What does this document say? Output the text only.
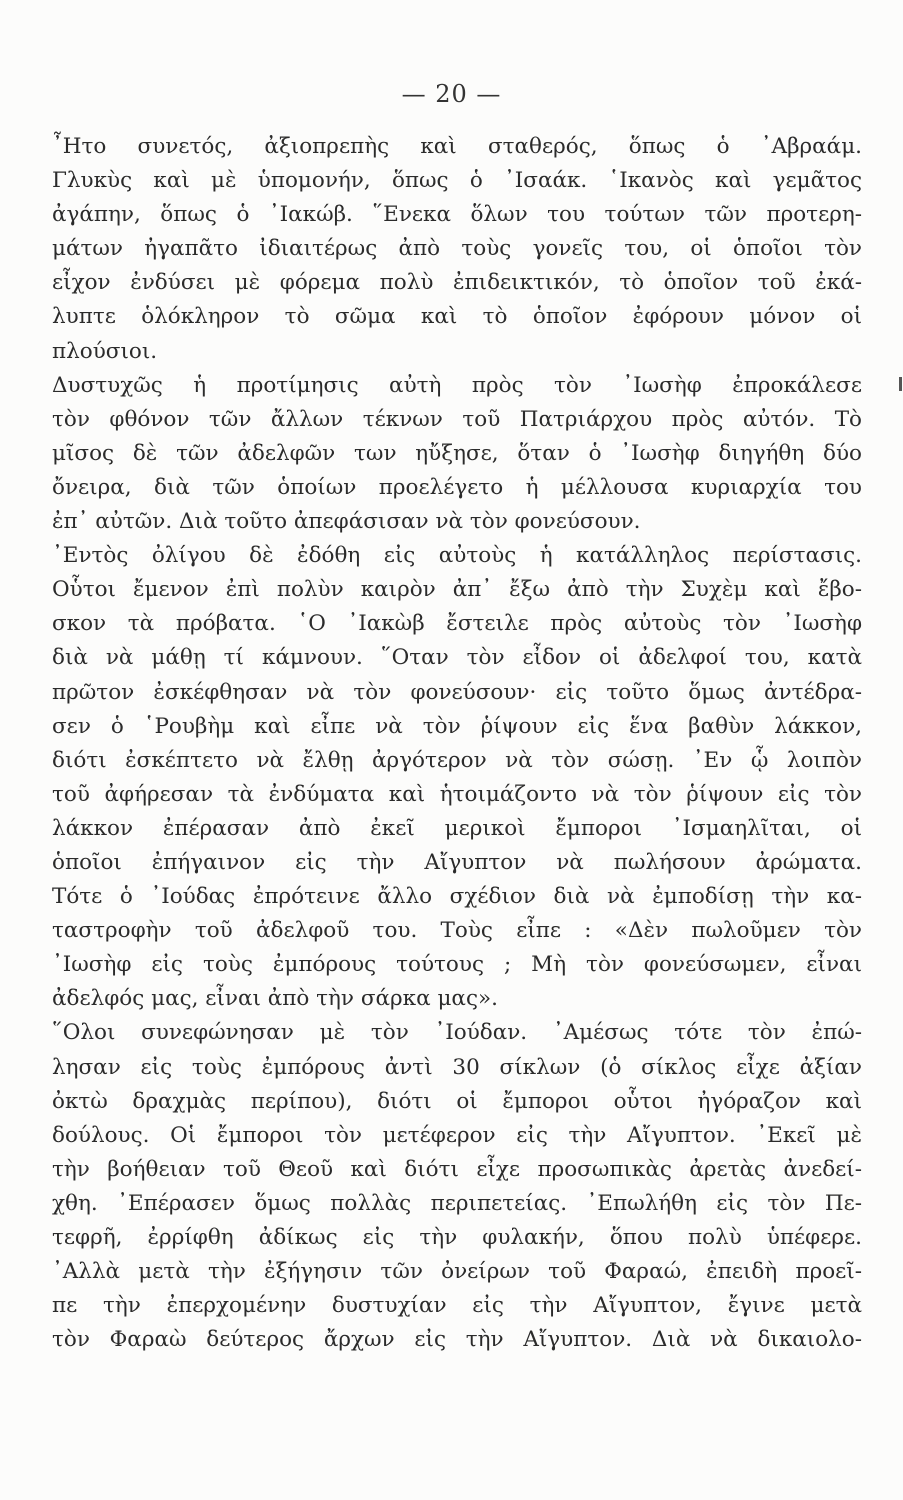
— 20 —
῏Ητο συνετός, ἀξιοπρεπὴς καὶ σταθερός, ὅπως ὁ ᾿Αβραάμ.
Γλυκὺς καὶ μὲ ὑπομονήν, ὅπως ὁ ᾿Ισαάκ. ῾Ικανὸς καὶ γεμᾶτος
ἀγάπην, ὅπως ὁ ᾿Ιακώβ. ῞Ενεκα ὅλων του τούτων τῶν προτερη-
μάτων ἠγαπᾶτο ἰδιαιτέρως ἀπὸ τοὺς γονεῖς του, οἱ ὁποῖοι τὸν
εἶχον ἐνδύσει μὲ φόρεμα πολὺ ἐπιδεικτικόν, τὸ ὁποῖον τοῦ ἐκά-
λυπτε ὁλόκληρον τὸ σῶμα καὶ τὸ ὁποῖον ἐφόρουν μόνον οἱ
πλούσιοι.
Δυστυχῶς ἡ προτίμησις αὐτὴ πρὸς τὸν ᾿Ιωσὴφ ἐπροκάλεσε
τὸν φθόνον τῶν ἄλλων τέκνων τοῦ Πατριάρχου πρὸς αὐτόν. Τὸ
μῖσος δὲ τῶν ἀδελφῶν των ηὔξησε, ὅταν ὁ ᾿Ιωσὴφ διηγήθη δύο
ὄνειρα, διὰ τῶν ὁποίων προελέγετο ἡ μέλλουσα κυριαρχία του
ἐπ᾿ αὐτῶν. Διὰ τοῦτο ἀπεφάσισαν νὰ τὸν φονεύσουν.
᾿Εντὸς ὀλίγου δὲ ἐδόθη εἰς αὐτοὺς ἡ κατάλληλος περίστασις.
Οὗτοι ἔμενον ἐπὶ πολὺν καιρὸν ἀπ᾿ ἔξω ἀπὸ τὴν Συχὲμ καὶ ἔβο-
σκον τὰ πρόβατα. ῾Ο ᾿Ιακὼβ ἔστειλε πρὸς αὐτοὺς τὸν ᾿Ιωσὴφ
διὰ νὰ μάθῃ τί κάμνουν. ῞Οταν τὸν εἶδον οἱ ἀδελφοί του, κατὰ
πρῶτον ἐσκέφθησαν νὰ τὸν φονεύσουν· εἰς τοῦτο ὅμως ἀντέδρα-
σεν ὁ ῾Ρουβὴμ καὶ εἶπε νὰ τὸν ῥίψουν εἰς ἕνα βαθὺν λάκκον,
διότι ἐσκέπτετο νὰ ἔλθῃ ἀργότερον νὰ τὸν σώσῃ. ᾿Εν ᾧ λοιπὸν
τοῦ ἀφήρεσαν τὰ ἐνδύματα καὶ ἡτοιμάζοντο νὰ τὸν ῥίψουν εἰς τὸν
λάκκον ἐπέρασαν ἀπὸ ἐκεῖ μερικοὶ ἔμποροι ᾿Ισμαηλῖται, οἱ
ὁποῖοι ἐπήγαινον εἰς τὴν Αἴγυπτον νὰ πωλήσουν ἀρώματα.
Τότε ὁ ᾿Ιούδας ἐπρότεινε ἄλλο σχέδιον διὰ νὰ ἐμποδίσῃ τὴν κα-
ταστροφὴν τοῦ ἀδελφοῦ του. Τοὺς εἶπε : «Δὲν πωλοῦμεν τὸν
᾿Ιωσὴφ εἰς τοὺς ἐμπόρους τούτους ; Μὴ τὸν φονεύσωμεν, εἶναι
ἀδελφός μας, εἶναι ἀπὸ τὴν σάρκα μας».
῞Ολοι συνεφώνησαν μὲ τὸν ᾿Ιούδαν. ᾿Αμέσως τότε τὸν ἐπώ-
λησαν εἰς τοὺς ἐμπόρους ἀντὶ 30 σίκλων (ὁ σίκλος εἶχε ἀξίαν
ὀκτὼ δραχμὰς περίπου), διότι οἱ ἔμποροι οὗτοι ἠγόραζον καὶ
δούλους. Οἱ ἔμποροι τὸν μετέφερον εἰς τὴν Αἴγυπτον. ᾿Εκεῖ μὲ
τὴν βοήθειαν τοῦ Θεοῦ καὶ διότι εἶχε προσωπικὰς ἀρετὰς ἀνεδεί-
χθη. ᾿Επέρασεν ὅμως πολλὰς περιπετείας. ᾿Επωλήθη εἰς τὸν Πε-
τεφρῆ, ἐρρίφθη ἀδίκως εἰς τὴν φυλακήν, ὅπου πολὺ ὑπέφερε.
᾿Αλλὰ μετὰ τὴν ἐξήγησιν τῶν ὀνείρων τοῦ Φαραώ, ἐπειδὴ προεῖ-
πε τὴν ἐπερχομένην δυστυχίαν εἰς τὴν Αἴγυπτον, ἔγινε μετὰ
τὸν Φαραὼ δεύτερος ἄρχων εἰς τὴν Αἴγυπτον. Διὰ νὰ δικαιολο-
